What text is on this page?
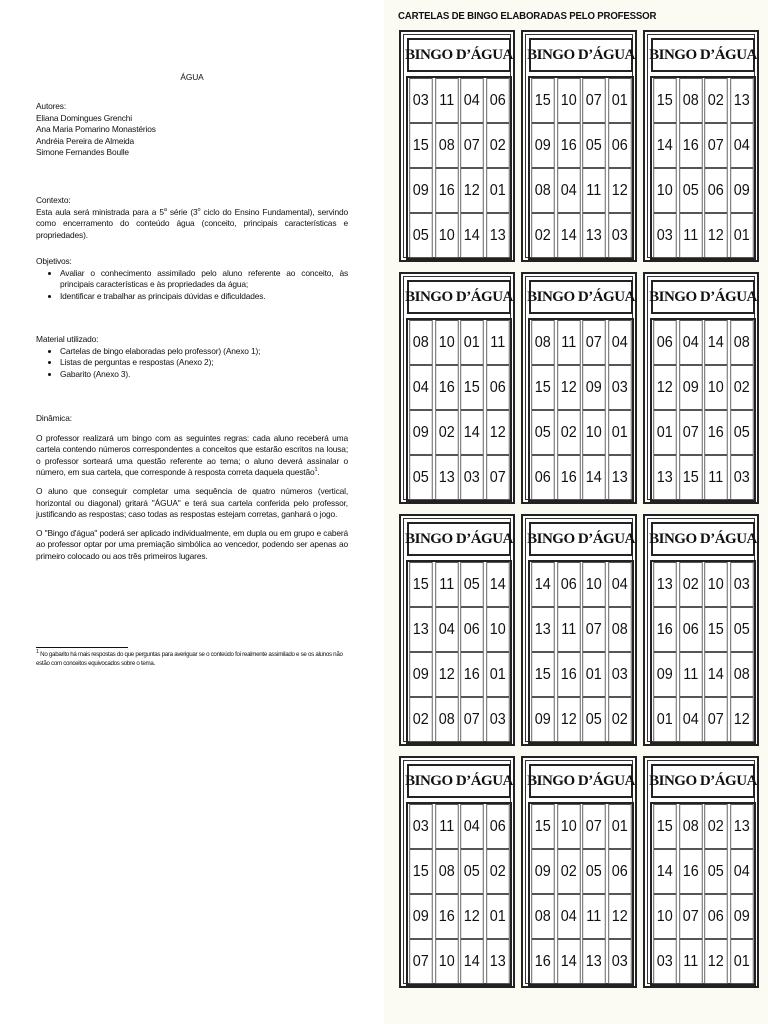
ÁGUA
Autores:
Eliana Domingues Grenchi
Ana Maria Pomarino Monastérios
Andréia Pereira de Almeida
Simone Fernandes Boulle
Contexto:

Esta aula será ministrada para a 5$^a$ série (3$^o$ ciclo do Ensino Fundamental), servindo como encerramento do conteúdo água (conceito, principais características e propriedades).

Objetivos:
• Avaliar o conhecimento assimilado pelo aluno referente ao conceito, às principais características e às propriedades da água;
• Identificar e trabalhar as principais dúvidas e dificuldades.
Material utilizado:
• Cartelas de bingo elaboradas pelo professor) (Anexo 1);
• Listas de perguntas e respostas (Anexo 2);
• Gabarito (Anexo 3).
Dinâmica:

O professor realizará um bingo com as seguintes regras: cada aluno receberá uma cartela contendo números correspondentes a conceitos que estarão escritos na lousa; o professor sorteará uma questão referente ao tema; o aluno deverá assinalar o número, em sua cartela, que corresponde à resposta correta daquela questão$^1$.

O aluno que conseguir completar uma sequência de quatro números (vertical, horizontal ou diagonal) gritará "ÁGUA" e terá sua cartela conferida pelo professor, justificando as respostas; caso todas as respostas estejam corretas, ganhará o jogo.

O "Bingo d'água" poderá ser aplicado individualmente, em dupla ou em grupo e caberá ao professor optar por uma premiação simbólica ao vencedor, podendo ser apenas ao primeiro colocado ou aos três primeiros lugares.

$^1$ No gabarito há mais respostas do que perguntas para averiguar se o conteúdo foi realmente assimilado e se os alunos não estão com conceitos equivocados sobre o tema.
CARTELAS DE BINGO ELABORADAS PELO PROFESSOR
BINGO D’ÁGUA
03 11 04 06
15 08 07 02
09 16 12 01
05 10 14 13
BINGO D’ÁGUA
15 10 07 01
09 16 05 06
08 04 11 12
02 14 13 03
BINGO D’ÁGUA
15 08 02 13
14 16 07 04
10 05 06 09
03 11 12 01
BINGO D’ÁGUA
08 10 01 11
04 16 15 06
09 02 14 12
05 13 03 07
BINGO D’ÁGUA
08 11 07 04
15 12 09 03
05 02 10 01
06 16 14 13
BINGO D’ÁGUA
06 04 14 08
12 09 10 02
01 07 16 05
13 15 11 03
BINGO D’ÁGUA
15 11 05 14
13 04 06 10
09 12 16 01
02 08 07 03
BINGO D’ÁGUA
14 06 10 04
13 11 07 08
15 16 01 03
09 12 05 02
BINGO D’ÁGUA
13 02 10 03
16 06 15 05
09 11 14 08
01 04 07 12
BINGO D’ÁGUA
03 11 04 06
15 08 05 02
09 16 12 01
07 10 14 13
BINGO D’ÁGUA
15 10 07 01
09 02 05 06
08 04 11 12
16 14 13 03
BINGO D’ÁGUA
15 08 02 13
14 16 05 04
10 07 06 09
03 11 12 01
